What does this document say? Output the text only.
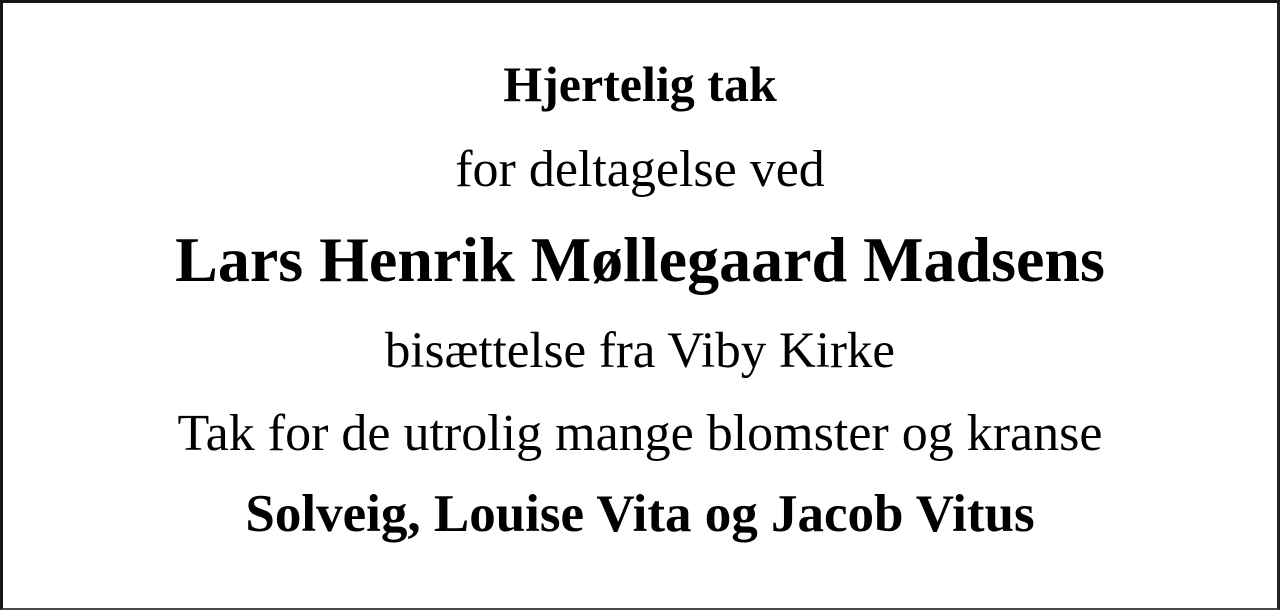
Hjertelig tak
for deltagelse ved
Lars Henrik Møllegaard Madsens
bisættelse fra Viby Kirke
Tak for de utrolig mange blomster og kranse
Solveig, Louise Vita og Jacob Vitus
